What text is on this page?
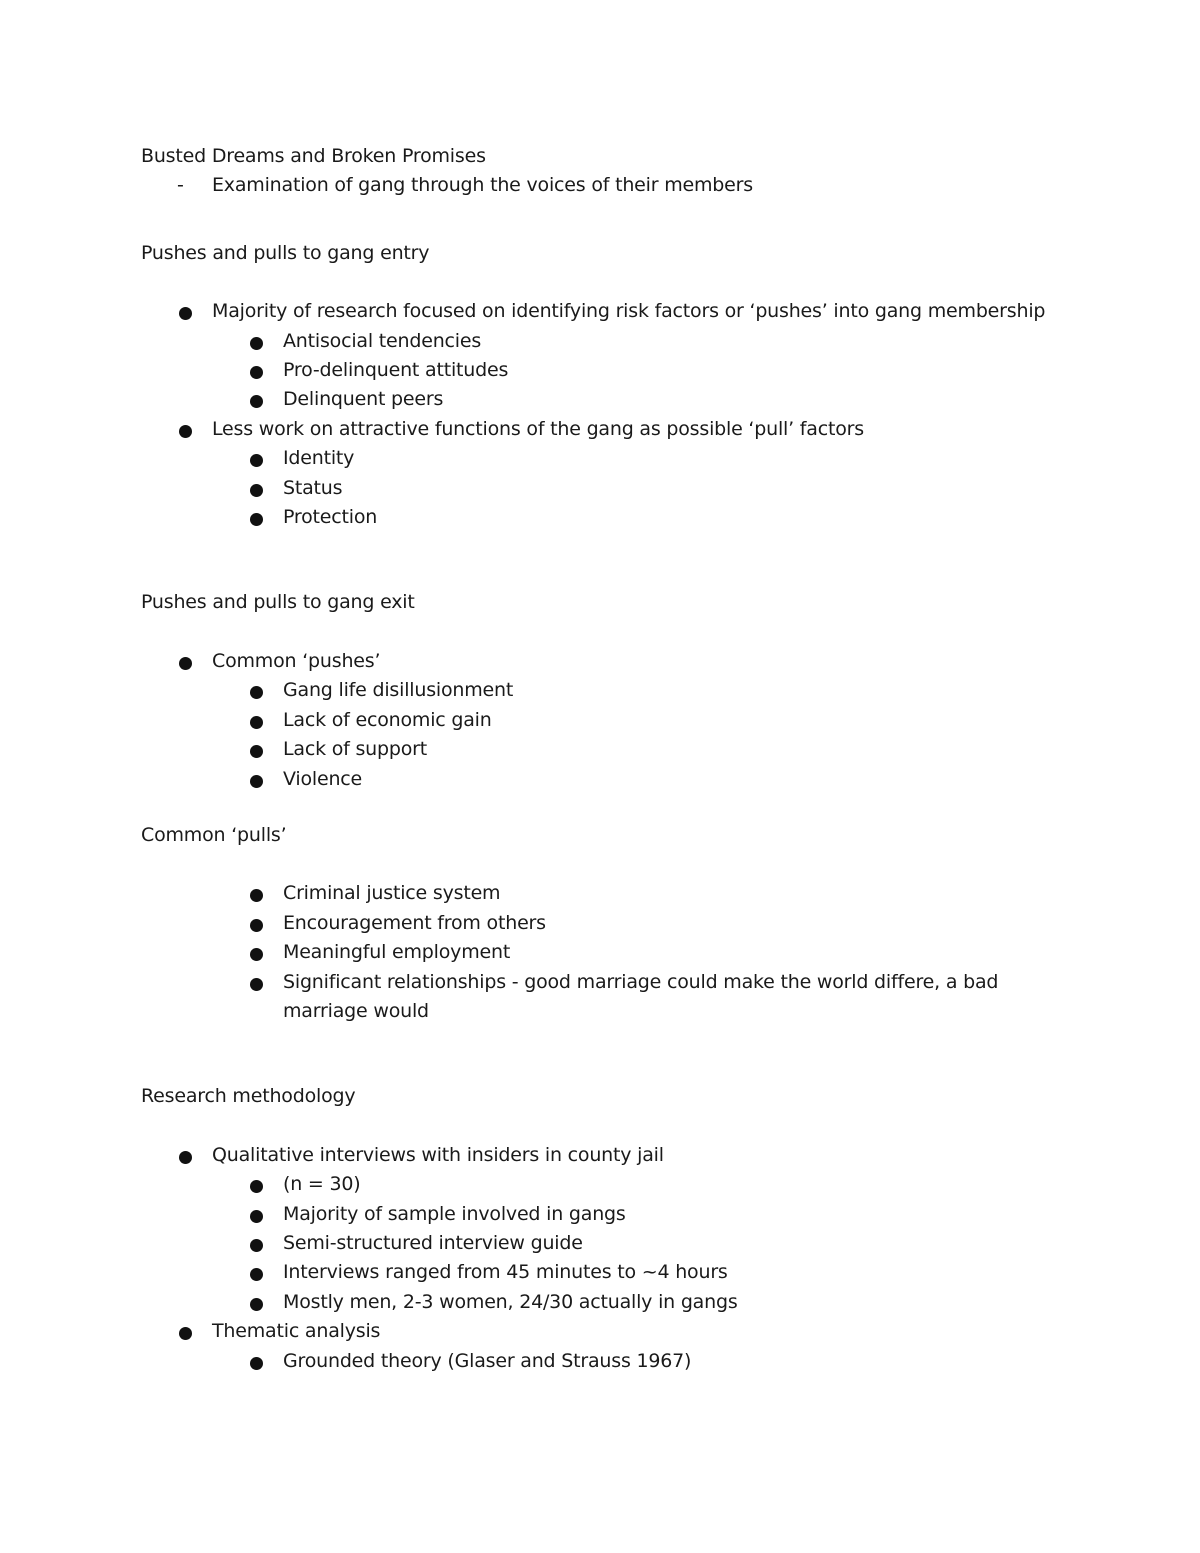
Busted Dreams and Broken Promises

- Examination of gang through the voices of their members

Pushes and pulls to gang entry

Majority of research focused on identifying risk factors or ‘pushes’ into gang membership
Antisocial tendencies
Pro-delinquent attitudes
Delinquent peers
Less work on attractive functions of the gang as possible ‘pull’ factors
Identity
Status
Protection

Pushes and pulls to gang exit

Common ‘pushes’
Gang life disillusionment
Lack of economic gain
Lack of support
Violence

Common ‘pulls’

Criminal justice system
Encouragement from others
Meaningful employment
Significant relationships - good marriage could make the world differe, a bad marriage would

Research methodology

Qualitative interviews with insiders in county jail
(n = 30)
Majority of sample involved in gangs
Semi-structured interview guide
Interviews ranged from 45 minutes to ~4 hours
Mostly men, 2-3 women, 24/30 actually in gangs
Thematic analysis
Grounded theory (Glaser and Strauss 1967)
